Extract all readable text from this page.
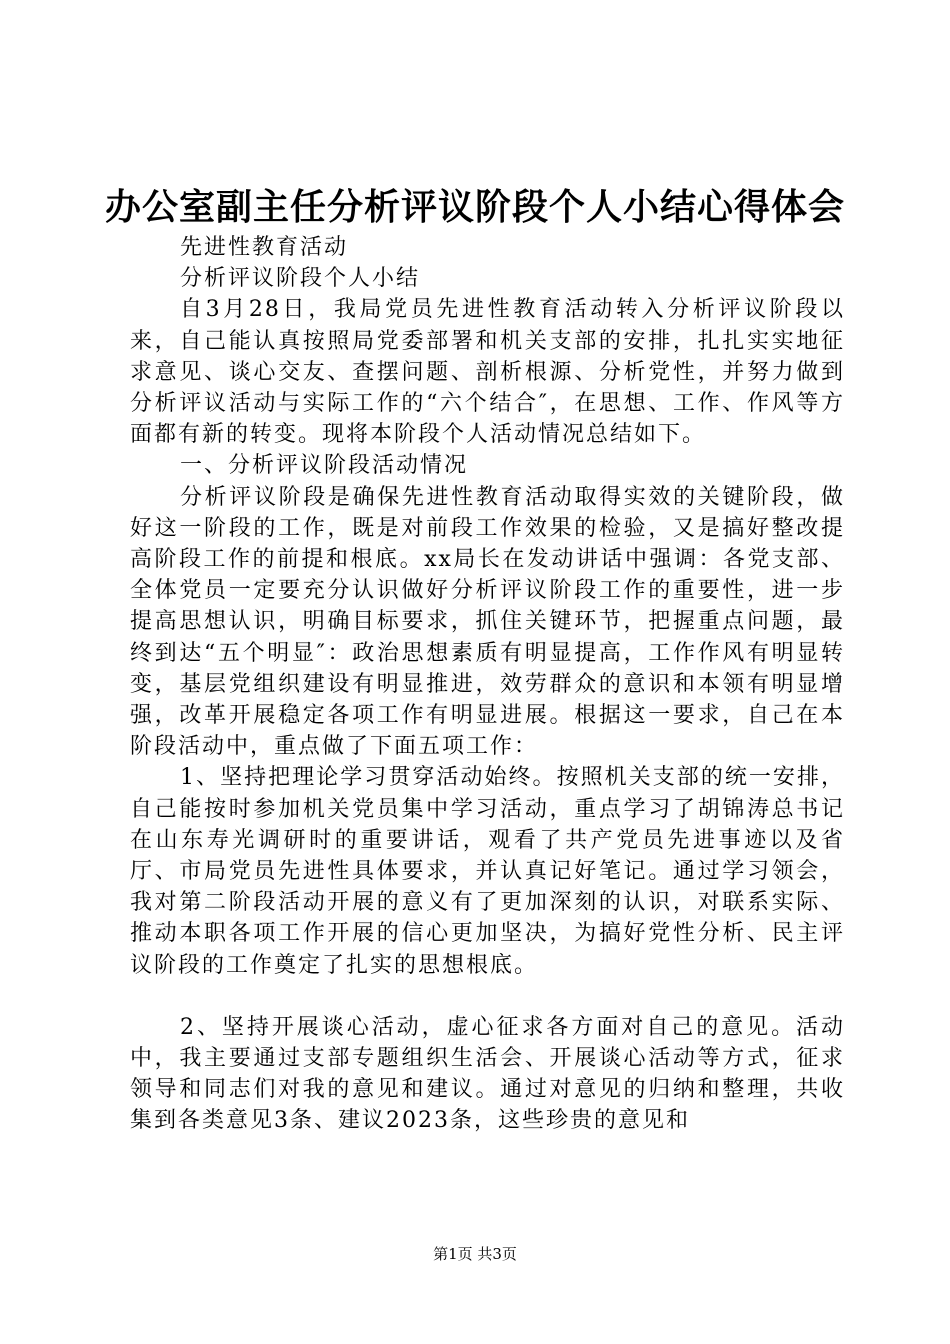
办公室副主任分析评议阶段个人小结心得体会

先进性教育活动

分析评议阶段个人小结

自3月28日，我局党员先进性教育活动转入分析评议阶段以来，自己能认真按照局党委部署和机关支部的安排，扎扎实实地征求意见、谈心交友、查摆问题、剖析根源、分析党性，并努力做到分析评议活动与实际工作的“六个结合″，在思想、工作、作风等方面都有新的转变。现将本阶段个人活动情况总结如下。

一、分析评议阶段活动情况

分析评议阶段是确保先进性教育活动取得实效的关键阶段，做好这一阶段的工作，既是对前段工作效果的检验，又是搞好整改提高阶段工作的前提和根底。xx局长在发动讲话中强调：各党支部、全体党员一定要充分认识做好分析评议阶段工作的重要性，进一步提高思想认识，明确目标要求，抓住关键环节，把握重点问题，最终到达“五个明显″：政治思想素质有明显提高，工作作风有明显转变，基层党组织建设有明显推进，效劳群众的意识和本领有明显增强，改革开展稳定各项工作有明显进展。根据这一要求，自己在本阶段活动中，重点做了下面五项工作：

1、坚持把理论学习贯穿活动始终。按照机关支部的统一安排，自己能按时参加机关党员集中学习活动，重点学习了胡锦涛总书记在山东寿光调研时的重要讲话，观看了共产党员先进事迹以及省厅、市局党员先进性具体要求，并认真记好笔记。通过学习领会，我对第二阶段活动开展的意义有了更加深刻的认识，对联系实际、推动本职各项工作开展的信心更加坚决，为搞好党性分析、民主评议阶段的工作奠定了扎实的思想根底。

2、坚持开展谈心活动，虚心征求各方面对自己的意见。活动中，我主要通过支部专题组织生活会、开展谈心活动等方式，征求领导和同志们对我的意见和建议。通过对意见的归纳和整理，共收集到各类意见3条、建议2023条，这些珍贵的意见和

第1页 共3页
